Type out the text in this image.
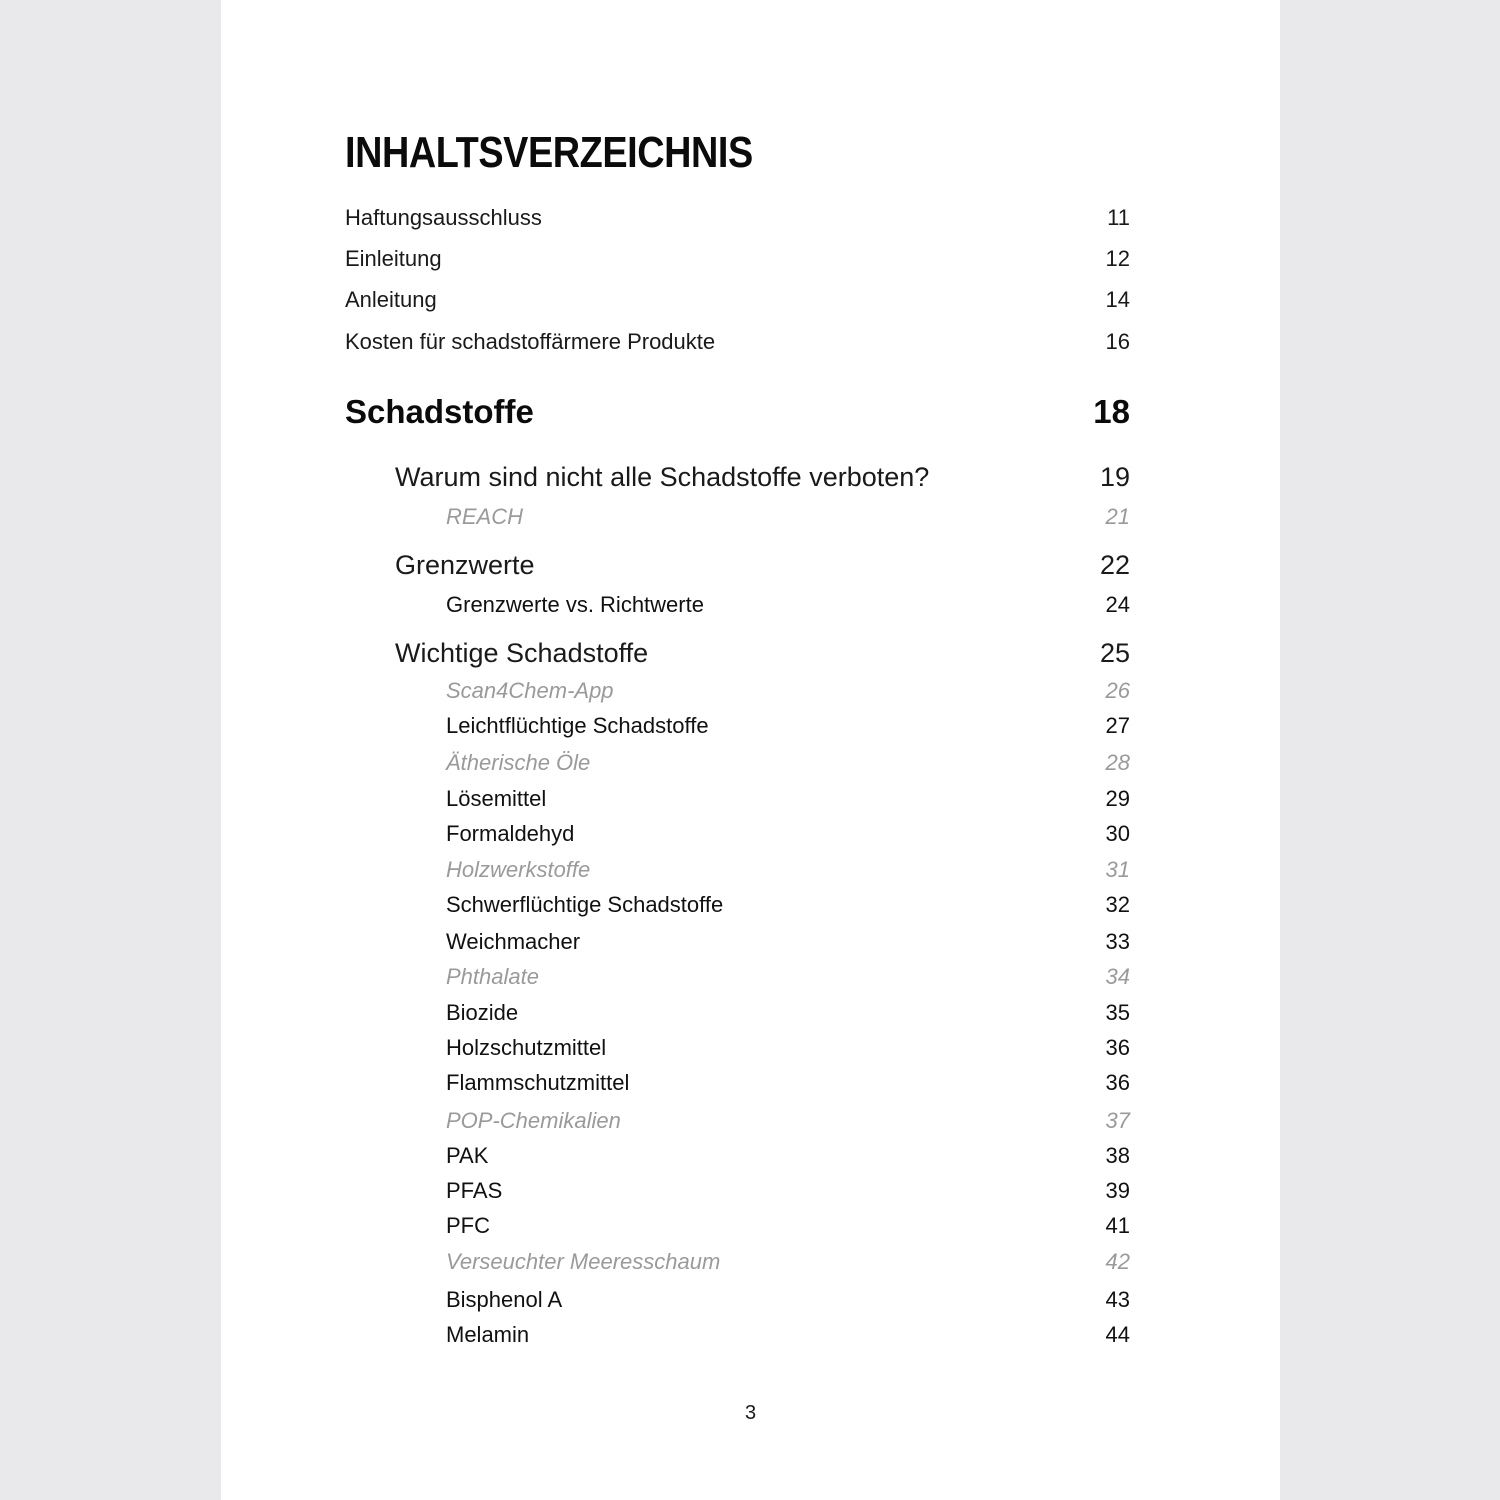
INHALTSVERZEICHNIS
Haftungsausschluss	11
Einleitung	12
Anleitung	14
Kosten für schadstoffärmere Produkte	16
Schadstoffe	18
Warum sind nicht alle Schadstoffe verboten?	19
REACH	21
Grenzwerte	22
Grenzwerte vs. Richtwerte	24
Wichtige Schadstoffe	25
Scan4Chem-App	26
Leichtflüchtige Schadstoffe	27
Ätherische Öle	28
Lösemittel	29
Formaldehyd	30
Holzwerkstoffe	31
Schwerflüchtige Schadstoffe	32
Weichmacher	33
Phthalate	34
Biozide	35
Holzschutzmittel	36
Flammschutzmittel	36
POP-Chemikalien	37
PAK	38
PFAS	39
PFC	41
Verseuchter Meeresschaum	42
Bisphenol A	43
Melamin	44
3
